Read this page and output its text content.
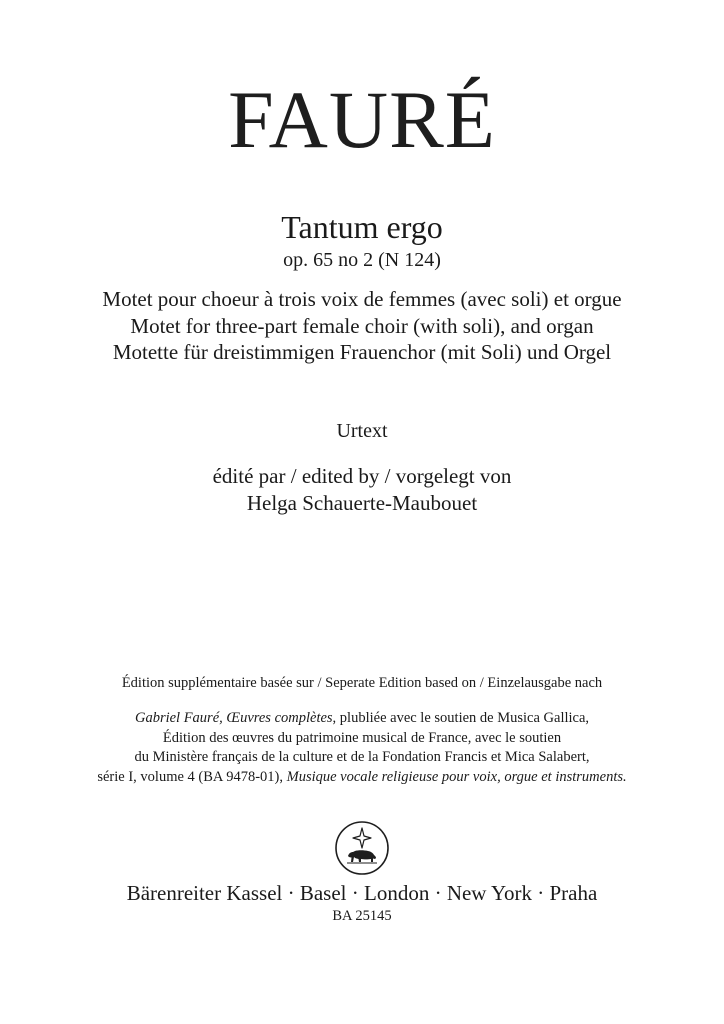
FAURÉ
Tantum ergo
op. 65 no 2 (N 124)
Motet pour choeur à trois voix de femmes (avec soli) et orgue
Motet for three-part female choir (with soli), and organ
Motette für dreistimmigen Frauenchor (mit Soli) und Orgel
Urtext
édité par / edited by / vorgelegt von
Helga Schauerte-Maubouet
Édition supplémentaire basée sur / Seperate Edition based on / Einzelausgabe nach
Gabriel Fauré, Œuvres complètes, plubliée avec le soutien de Musica Gallica,
Édition des œuvres du patrimoine musical de France, avec le soutien
du Ministère français de la culture et de la Fondation Francis et Mica Salabert,
série I, volume 4 (BA 9478-01), Musique vocale religieuse pour voix, orgue et instruments.
Bärenreiter Kassel · Basel · London · New York · Praha
BA 25145
